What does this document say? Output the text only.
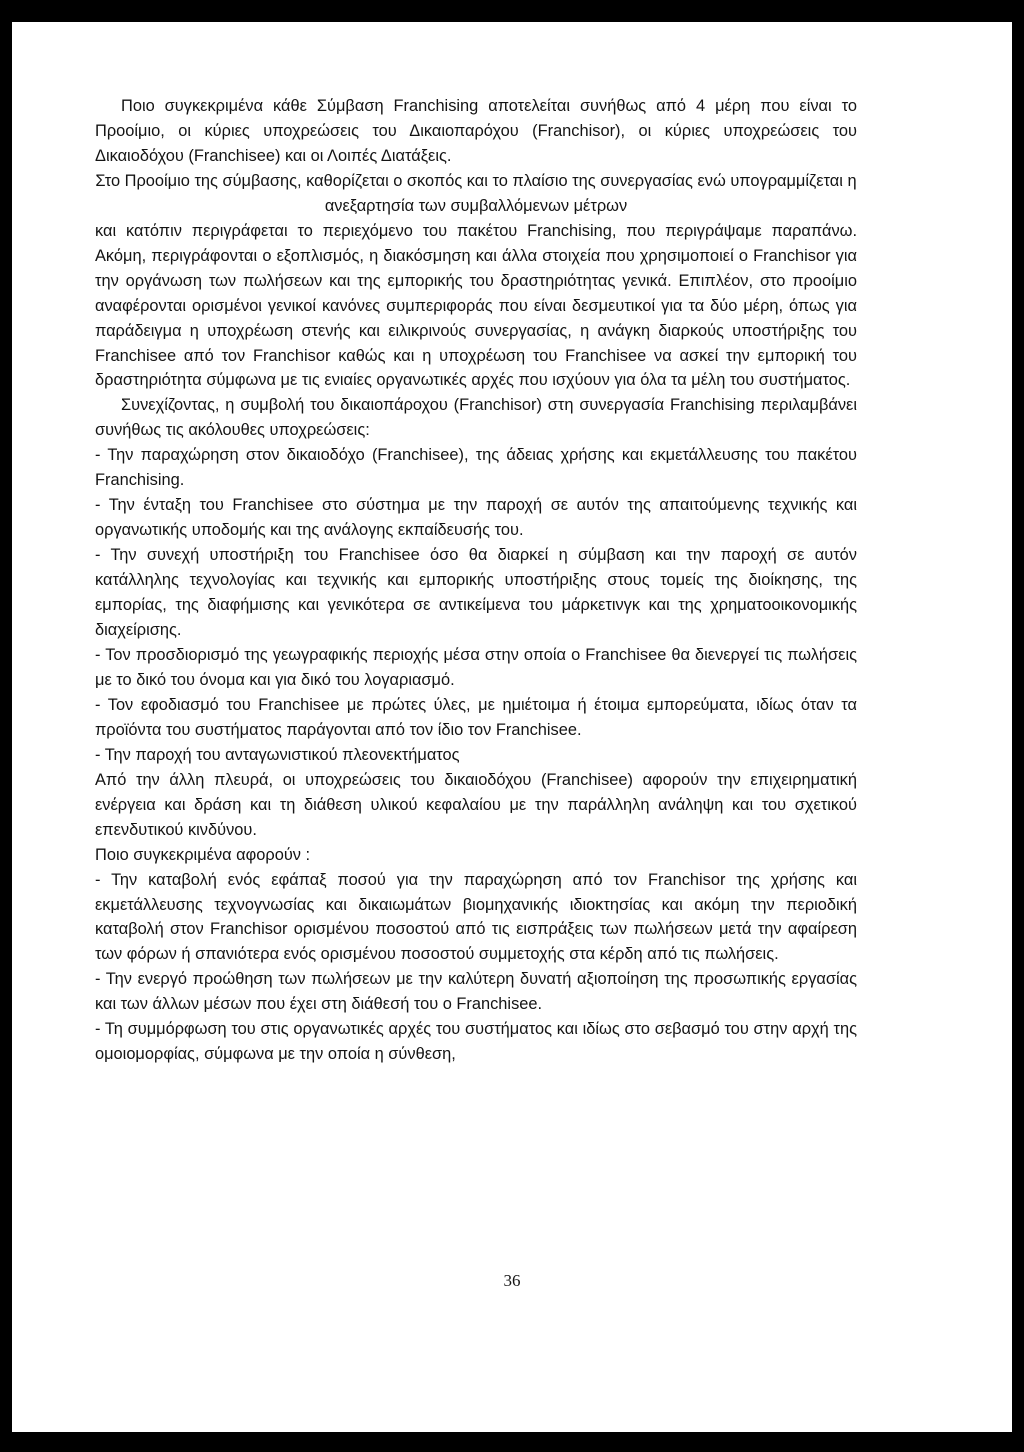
Ποιο συγκεκριμένα κάθε Σύμβαση Franchising αποτελείται συνήθως από 4 μέρη που είναι το Προοίμιο, οι κύριες υποχρεώσεις του Δικαιοπαρόχου (Franchisor), οι κύριες υποχρεώσεις του Δικαιοδόχου (Franchisee) και οι Λοιπές Διατάξεις.

Στο Προοίμιο της σύμβασης, καθορίζεται ο σκοπός και το πλαίσιο της συνεργασίας ενώ υπογραμμίζεται η ανεξαρτησία των συμβαλλόμενων μέτρων

και κατόπιν περιγράφεται το περιεχόμενο του πακέτου Franchising, που περιγράψαμε παραπάνω. Ακόμη, περιγράφονται ο εξοπλισμός, η διακόσμηση και άλλα στοιχεία που χρησιμοποιεί ο Franchisor για την οργάνωση των πωλήσεων και της εμπορικής του δραστηριότητας γενικά. Επιπλέον, στο προοίμιο αναφέρονται ορισμένοι γενικοί κανόνες συμπεριφοράς που είναι δεσμευτικοί για τα δύο μέρη, όπως για παράδειγμα η υποχρέωση στενής και ειλικρινούς συνεργασίας, η ανάγκη διαρκούς υποστήριξης του Franchisee από τον Franchisor καθώς και η υποχρέωση του Franchisee να ασκεί την εμπορική του δραστηριότητα σύμφωνα με τις ενιαίες οργανωτικές αρχές που ισχύουν για όλα τα μέλη του συστήματος.

Συνεχίζοντας, η συμβολή του δικαιοπάροχου (Franchisor) στη συνεργασία Franchising περιλαμβάνει συνήθως τις ακόλουθες υποχρεώσεις:

- Την παραχώρηση στον δικαιοδόχο (Franchisee), της άδειας χρήσης και εκμετάλλευσης του πακέτου Franchising.

- Την ένταξη του Franchisee στο σύστημα με την παροχή σε αυτόν της απαιτούμενης τεχνικής και οργανωτικής υποδομής και της ανάλογης εκπαίδευσής του.

- Την συνεχή υποστήριξη του Franchisee όσο θα διαρκεί η σύμβαση και την παροχή σε αυτόν κατάλληλης τεχνολογίας και τεχνικής και εμπορικής υποστήριξης στους τομείς της διοίκησης, της εμπορίας, της διαφήμισης και γενικότερα σε αντικείμενα του μάρκετινγκ και της χρηματοοικονομικής διαχείρισης.

- Τον προσδιορισμό της γεωγραφικής περιοχής μέσα στην οποία ο Franchisee θα διενεργεί τις πωλήσεις με το δικό του όνομα και για δικό του λογαριασμό.

- Τον εφοδιασμό του Franchisee με πρώτες ύλες, με ημιέτοιμα ή έτοιμα εμπορεύματα, ιδίως όταν τα προϊόντα του συστήματος παράγονται από τον ίδιο τον Franchisee.

- Την παροχή του ανταγωνιστικού πλεονεκτήματος

Από την άλλη πλευρά, οι υποχρεώσεις του δικαιοδόχου (Franchisee) αφορούν την επιχειρηματική ενέργεια και δράση και τη διάθεση υλικού κεφαλαίου με την παράλληλη ανάληψη και του σχετικού επενδυτικού κινδύνου.

Ποιο συγκεκριμένα αφορούν :

- Την καταβολή ενός εφάπαξ ποσού για την παραχώρηση από τον Franchisor της χρήσης και εκμετάλλευσης τεχνογνωσίας και δικαιωμάτων βιομηχανικής ιδιοκτησίας και ακόμη την περιοδική καταβολή στον Franchisor ορισμένου ποσοστού από τις εισπράξεις των πωλήσεων μετά την αφαίρεση των φόρων ή σπανιότερα ενός ορισμένου ποσοστού συμμετοχής στα κέρδη από τις πωλήσεις.

- Την ενεργό προώθηση των πωλήσεων με την καλύτερη δυνατή αξιοποίηση της προσωπικής εργασίας και των άλλων μέσων που έχει στη διάθεσή του ο Franchisee.

- Τη συμμόρφωση του στις οργανωτικές αρχές του συστήματος και ιδίως στο σεβασμό του στην αρχή της ομοιομορφίας, σύμφωνα με την οποία η σύνθεση,

36
